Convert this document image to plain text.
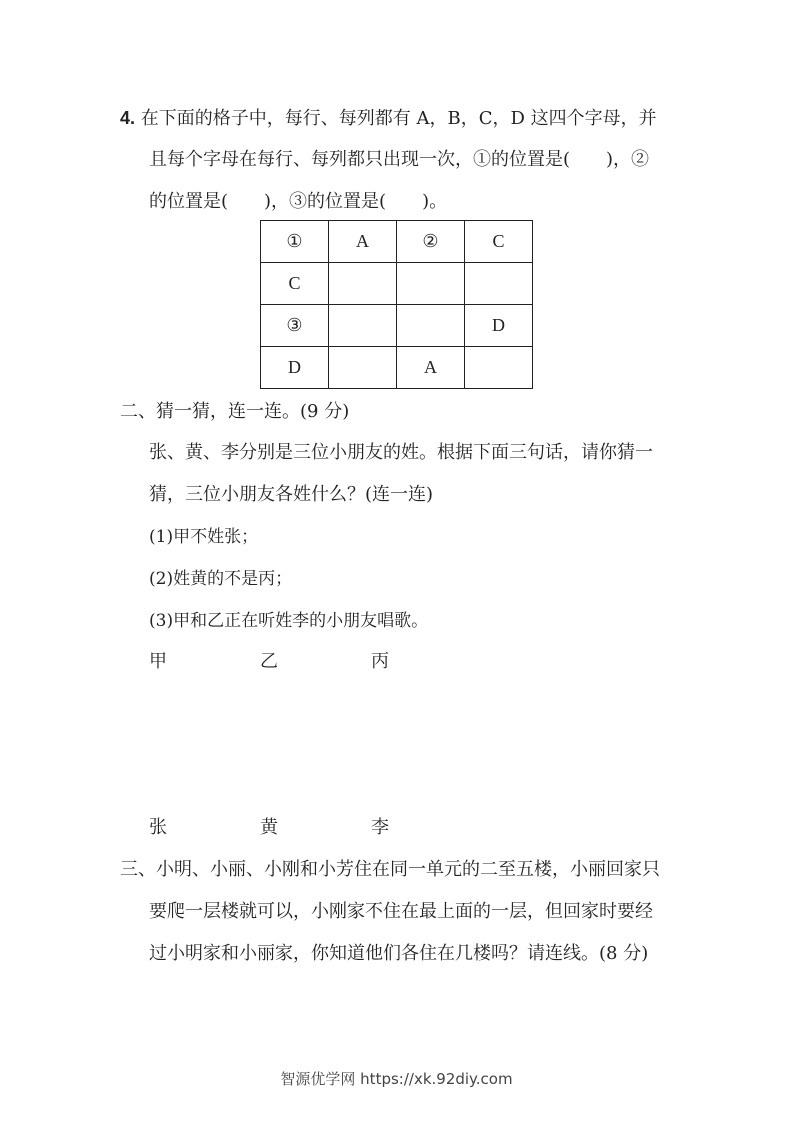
4. 在下面的格子中，每行、每列都有 A，B，C，D 这四个字母，并
且每个字母在每行、每列都只出现一次，①的位置是(　　)，②
的位置是(　　)，③的位置是(　　)。
①	A	②	C
C			
③			D
D		A	
二、猜一猜，连一连。(9 分)
张、黄、李分别是三位小朋友的姓。根据下面三句话，请你猜一
猜，三位小朋友各姓什么？(连一连)
(1)甲不姓张；
(2)姓黄的不是丙；
(3)甲和乙正在听姓李的小朋友唱歌。
甲	乙	丙
张	黄	李
三、小明、小丽、小刚和小芳住在同一单元的二至五楼，小丽回家只
要爬一层楼就可以，小刚家不住在最上面的一层，但回家时要经
过小明家和小丽家，你知道他们各住在几楼吗？请连线。(8 分)
智源优学网 https://xk.92diy.com
